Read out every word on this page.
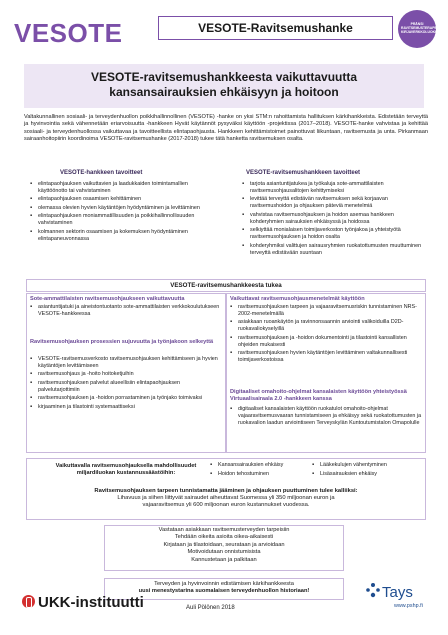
VESOTE	VESOTE-Ravitsemushanke	PRÄNSI RAVITSEMUSTERAPEUTTI KIRJAVERKKOLUOKKA
VESOTE-ravitsemushankkeesta vaikuttavuutta
kansansairauksien ehkäisyyn ja hoitoon

Valtakunnallinen sosiaali- ja terveydenhuollon poikkihallinnollinen (VESOTE) -hanke on yksi STM:n rahoittamista hallituksen kärkihankkeista. Edistetään terveyttä ja hyvinvointia sekä vähennetään eriarvoisuutta -hankkeen Hyvät käytännöt pysyväksi käyttöön -projektissa (2017–2018). VESOTE-hanke vahvistaa ja kehittää sosiaali- ja terveydenhuollossa vaikuttavaa ja tavoitteellista elintapaohjausta. Hankkeen kehittämistoimet painottuvat liikuntaan, ravitsemusta ja unta. Pirkanmaan sairaanhoitopiirin koordinoima VESOTE-ravitsemushanke (2017-2018) tukee tätä hanketta ravitsemuksen osalta.

VESOTE-hankkeen tavoitteet	VESOTE-ravitsemushankkeen tavoitteet
▪ elintapaohjauksen vaikuttavien ja laadukkaiden toimintamallien käyttöönotto tai vahvistaminen
▪ elintapaohjauksen osaamisen kehittäminen
▪ olemassa olevien hyvien käytäntöjen hyödyntäminen ja levittäminen
▪ elintapaohjauksen moniammatillisuuden ja poikkihallinnollisuuden vahvistaminen
▪ kolmannen sektorin osaamisen ja kokemuksen hyödyntäminen elintapaneuvonnassa
▪ tarjota asiantuntijatukea ja työkaluja sote-ammattilaisten ravitsemusohjausalitojen kehittymiseksi
▪ levittää terveyttä edistävän ravitsemuksen sekä korjaavan ravitsemushoidon ja ohjauksen päteviä menetelmiä
▪ vahvistaa ravitsemusohjauksen ja hoidon asemaa hankkeen kohderyhmien sairauksien ehkäisyssä ja hoidossa
▪ selkiyttää monialaisen toimijaverkoston työnjakoa ja yhteistyötä ravitsemusohjauksen ja hoidon osalta
▪ kohderyhmiksi valittujen sairausryhmien ruokatottumusten muuttuminen terveyttä edistävään suuntaan
VESOTE-ravitsemushankkeesta tukea
Sote-ammattilaisten ravitsemusohjaukseen vaikuttavuutta
▪ asiantuntijatuki ja aineistontuotanto sote-ammattilaisten verkkokoulutukseen VESOTE-hankkeessa
Ravitsemusohjauksen prosessien sujuvuutta ja työnjakoon selkeyttä
▪ VESOTE-ravitsemusverkosto ravitsemusohjauksen kehittämiseen ja hyvien käytäntöjen levittämiseen
▪ ravitsemusohjaus ja -hoito hoitoketjuihin
▪ ravitsemusohjauksen palvelut alueellisiin elintapaohjauksen palvelutarjottimiin
▪ ravitsemusohjauksen ja -hoidon porrastaminen ja työnjako toimivaksi
▪ kirjaaminen ja tilastointi systemaattiseksi
Vaikuttavat ravitsemusohjausmenetelmät käyttöön
▪ ravitsemusohjauksen tarpeen ja vajaaravitsemusriskin tunnistaminen NRS-2002-menetelmällä
▪ asiakkaan ruoankäytön ja ravinnonsaannin arviointi valikoiduilla D2D-ruokavaliokyselyillä
▪ ravitsemusohjauksen ja -hoidon dokumentointi ja tilastointi kansallisten ohjeiden mukaisesti
▪ ravitsemusohjauksen hyvien käytäntöjen levittäminen valtakunnallisesti toimijaverkostoissa
Digitaaliset omahoito-ohjelmat kansalaisten käyttöön yhteistyössä Virtuaalisairaala 2.0 -hankkeen kanssa
▪ digitaaliset kansalaisten käyttöön ruokatulot omahoito-ohjelmat vajaaravitsemusvaaran tunnistamiseen ja ehkäisyy sekä ruokatottumusten ja ruokavalion laadun arviointiseen Terveyskylän Kuntoutumistalon Omapolulle
Vaikuttavalla ravitsemusohjauksella mahdollisuudet miljardiluokan kustannussäästöihin:
▪ Kansansairauksien ehkäisy
▪ Hoidon tehostuminen
▪ Lääkekulujen vähentyminen
▪ Lisäsairauksien ehkäisy
Ravitsemusohjauksen tarpeen tunnistamatta jääminen ja ohjauksen puuttuminen tulee kalliiksi:
Lihavuus ja siihen liittyvät sairaudet aiheuttavat Suomessa yli 350 miljoonan euron ja
vajaaravitsemus yli 600 miljoonan euron kustannukset vuodessa.
Vastataan asiakkaan ravitsemusterveyden tarpeisiin
Tehdään oikeita asioita oikea-aikaisesti
Kirjataan ja tilastoidaan, seurataan ja arvioidaan
Motivoidutaan onnistumisista
Kannustetaan ja palkitaan
Terveyden ja hyvinvoinnin edistämisen kärkihankkeesta
uusi menestystarina suomalaisen terveydenhuollon historiaan!
UKK-instituutti	Auli Pölönen 2018
Tays
www.pshp.fi
